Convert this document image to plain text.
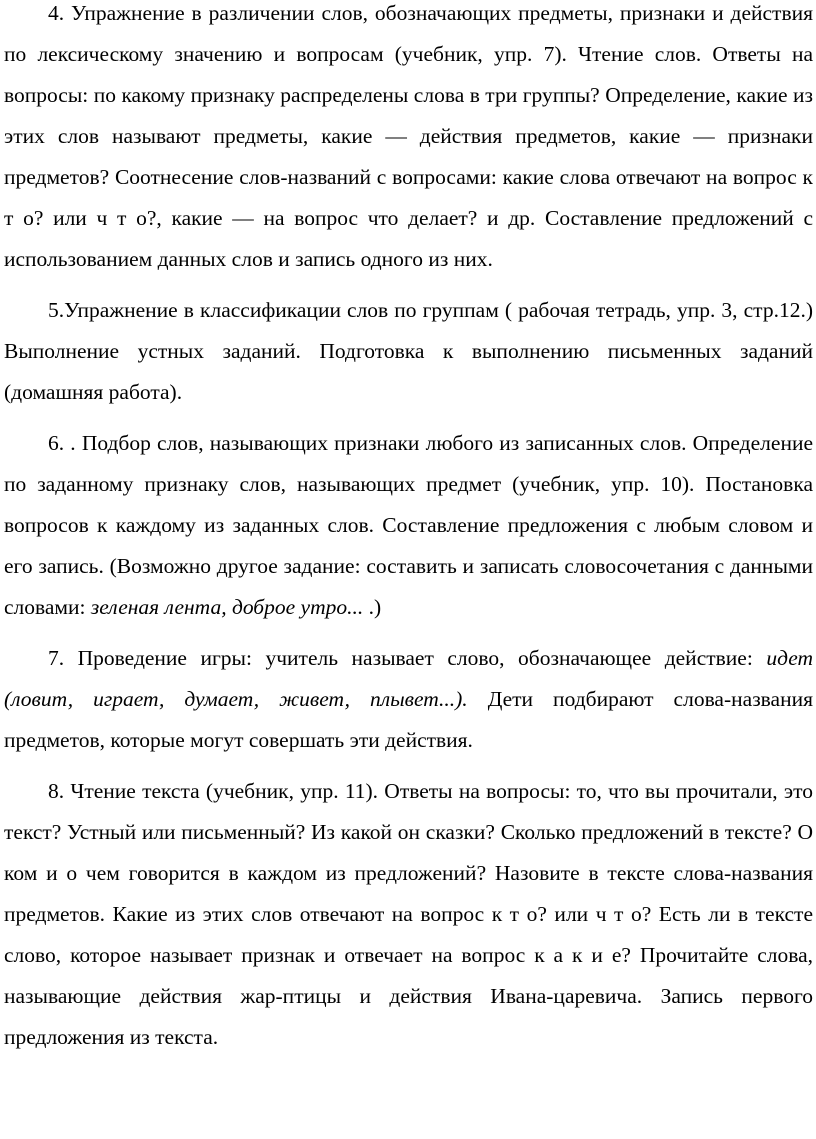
4. Упражнение в различении слов, обозначающих предметы, признаки и действия по лексическому значению и вопросам (учебник, упр. 7). Чтение слов. Ответы на вопросы: по какому признаку распределены слова в три группы? Определение, какие из этих слов называют предметы, какие — действия предметов, какие — признаки предметов? Соотнесение слов-названий с вопросами: какие слова отвечают на вопрос к т о? или ч т о?, какие — на вопрос что делает? и др. Составление предложений с использованием данных слов и запись одного из них.

5.Упражнение в классификации слов по группам ( рабочая тетрадь, упр. 3, стр.12.) Выполнение устных заданий. Подготовка к выполнению письменных заданий (домашняя работа).

6. . Подбор слов, называющих признаки любого из записанных слов. Определение по заданному признаку слов, называющих предмет (учебник, упр. 10). Постановка вопросов к каждому из заданных слов. Составление предложения с любым словом и его запись. (Возможно другое задание: составить и записать словосочетания с данными словами: зеленая лента, доброе утро... .)

7. Проведение игры: учитель называет слово, обозначающее действие: идет (ловит, играет, думает, живет, плывет...). Дети подбирают слова-названия предметов, которые могут совершать эти действия.

8. Чтение текста (учебник, упр. 11). Ответы на вопросы: то, что вы прочитали, это текст? Устный или письменный? Из какой он сказки? Сколько предложений в тексте? О ком и о чем говорится в каждом из предложений? Назовите в тексте слова-названия предметов. Какие из этих слов отвечают на вопрос к т о? или ч т о? Есть ли в тексте слово, которое называет признак и отвечает на вопрос к а к и е? Прочитайте слова, называющие действия жар-птицы и действия Ивана-царевича. Запись первого предложения из текста.
